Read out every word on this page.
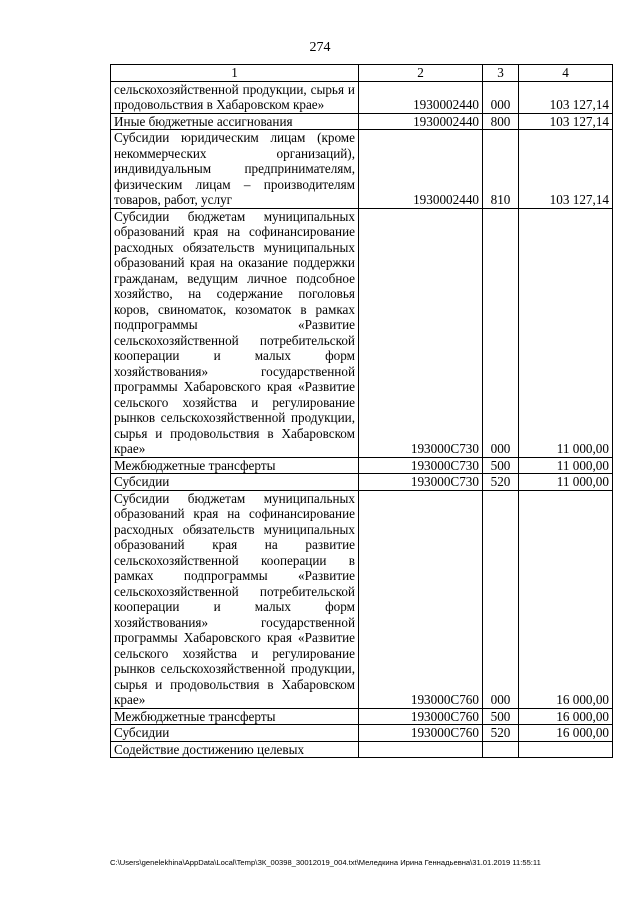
274
1	2	3	4
сельскохозяйственной продукции, сырья и продовольствия в Хабаровском крае»	1930002440	000	103 127,14
Иные бюджетные ассигнования	1930002440	800	103 127,14
Субсидии юридическим лицам (кроме некоммерческих организаций), индивидуальным предпринимателям, физическим лицам – производителям товаров, работ, услуг	1930002440	810	103 127,14
Субсидии бюджетам муниципальных образований края на софинансирование расходных обязательств муниципальных образований края на оказание поддержки гражданам, ведущим личное подсобное хозяйство, на содержание поголовья коров, свиноматок, козоматок в рамках подпрограммы «Развитие сельскохозяйственной потребительской кооперации и малых форм хозяйствования» государственной программы Хабаровского края «Развитие сельского хозяйства и регулирование рынков сельскохозяйственной продукции, сырья и продовольствия в Хабаровском крае»	193000С730	000	11 000,00
Межбюджетные трансферты	193000С730	500	11 000,00
Субсидии	193000С730	520	11 000,00
Субсидии бюджетам муниципальных образований края на софинансирование расходных обязательств муниципальных образований края на развитие сельскохозяйственной кооперации в рамках подпрограммы «Развитие сельскохозяйственной потребительской кооперации и малых форм хозяйствования» государственной программы Хабаровского края «Развитие сельского хозяйства и регулирование рынков сельскохозяйственной продукции, сырья и продовольствия в Хабаровском крае»	193000С760	000	16 000,00
Межбюджетные трансферты	193000С760	500	16 000,00
Субсидии	193000С760	520	16 000,00
Содействие достижению целевых			
C:\Users\genelekhina\AppData\Local\Temp\ЗК_00398_30012019_004.txt\Меледкина Ирина Геннадьевна\31.01.2019 11:55:11
